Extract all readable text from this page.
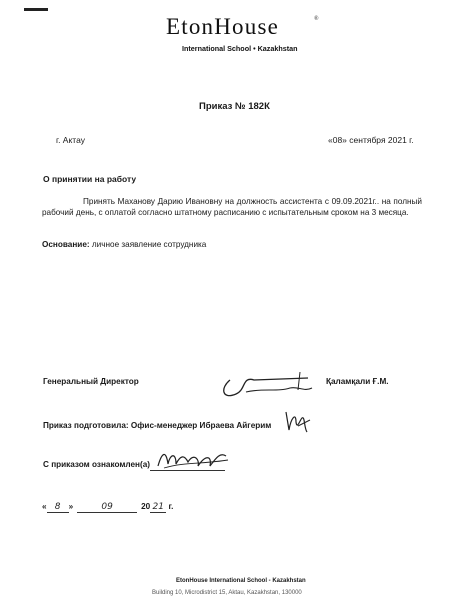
EtonHouse	®
International School • Kazakhstan
Приказ № 182К
г. Актау	«08» сентября 2021 г.
О принятии на работу
Принять Маханову Дарию Ивановну на должность ассистента с 09.09.2021г.. на полный
рабочий день, с оплатой согласно штатному расписанию с испытательным сроком на 3 месяца.
Основание: личное заявление сотрудника
Генеральный Директор	Қаламқали Ғ.М.
Приказ подготовила: Офис-менеджер Ибраева Айгерим
С приказом ознакомлен(а)
« 8 »	09	20 21 г.
EtonHouse International School - Kazakhstan
Building 10, Microdistrict 15, Aktau, Kazakhstan, 130000
